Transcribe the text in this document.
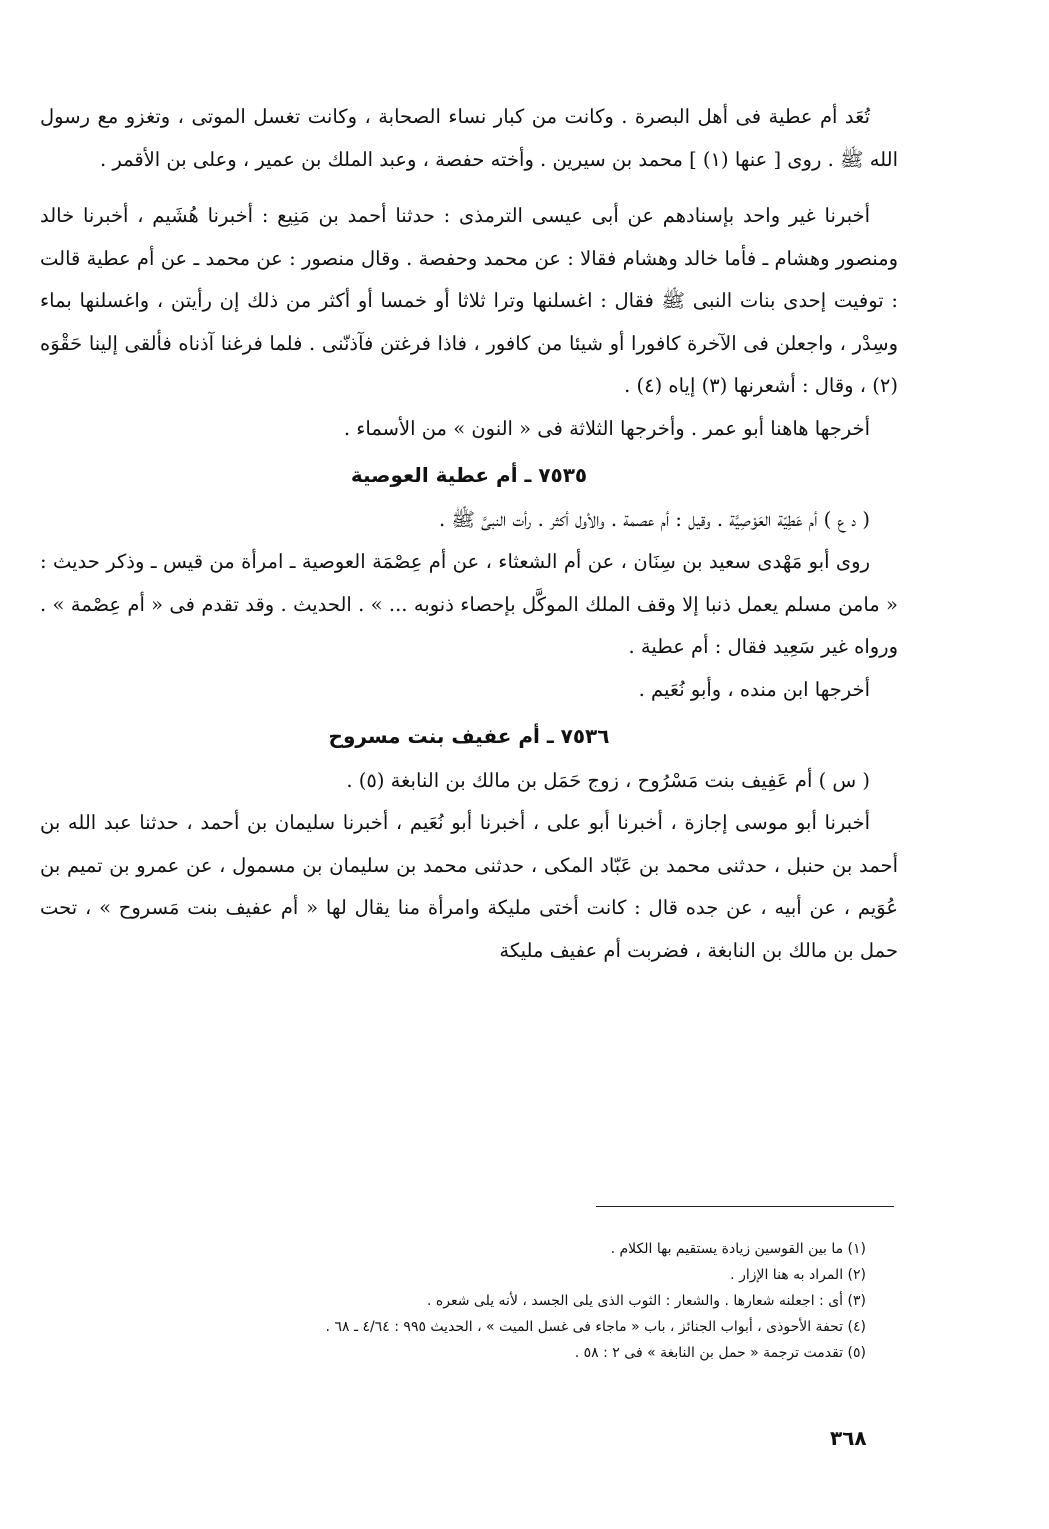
تُعَد أم عطية فى أهل البصرة . وكانت من كبار نساء الصحابة ، وكانت تغسل الموتى ، وتغزو مع رسول الله ﷺ . روى [ عنها (١) ] محمد بن سيرين . وأخته حفصة ، وعبد الملك بن عمير ، وعلى بن الأقمر .

أخبرنا غير واحد بإسنادهم عن أبى عيسى الترمذى : حدثنا أحمد بن مَنِيع : أخبرنا هُشَيم ، أخبرنا خالد ومنصور وهشام ـ فأما خالد وهشام فقالا : عن محمد وحفصة . وقال منصور : عن محمد ـ عن أم عطية قالت : توفيت إحدى بنات النبى ﷺ فقال : اغسلنها وترا ثلاثا أو خمسا أو أكثر من ذلك إن رأيتن ، واغسلنها بماء وسِدْر ، واجعلن فى الآخرة كافورا أو شيئا من كافور ، فاذا فرغتن فآذنّنى . فلما فرغنا آذناه فألقى إلينا حَقْوَه (٢) ، وقال : أشعرنها (٣) إياه (٤) .

أخرجها هاهنا أبو عمر . وأخرجها الثلاثة فى « النون » من الأسماء .

٧٥٣٥ ـ أم عطية العوصية

( د ع ) أم عَطِيّة العَوْصِيَّة . وقيل : أم عصمة . والأول أكثر . رأت النبىَّ ﷺ .

روى أبو مَهْدى سعيد بن سِنَان ، عن أم الشعثاء ، عن أم عِصْمَة العوصية ـ امرأة من قيس ـ وذكر حديث : « مامن مسلم يعمل ذنبا إلا وقف الملك الموكَّل بإحصاء ذنوبه ... » . الحديث . وقد تقدم فى « أم عِصْمة » . ورواه غير سَعِيد فقال : أم عطية .

أخرجها ابن منده ، وأبو نُعَيم .

٧٥٣٦ ـ أم عفيف بنت مسروح

( س ) أم عَفِيف بنت مَسْرُوح ، زوج حَمَل بن مالك بن النابغة (٥) .

أخبرنا أبو موسى إجازة ، أخبرنا أبو على ، أخبرنا أبو نُعَيم ، أخبرنا سليمان بن أحمد ، حدثنا عبد الله بن أحمد بن حنبل ، حدثنى محمد بن عَبّاد المكى ، حدثنى محمد بن سليمان بن مسمول ، عن عمرو بن تميم بن عُوَيم ، عن أبيه ، عن جده قال : كانت أختى مليكة وامرأة منا يقال لها « أم عفيف بنت مَسروح » ، تحت حمل بن مالك بن النابغة ، فضربت أم عفيف مليكة

(١) ما بين القوسين زيادة يستقيم بها الكلام .

(٢) المراد به هنا الإزار .

(٣) أى : اجعلنه شعارها . والشعار : الثوب الذى يلى الجسد ، لأنه يلى شعره .

(٤) تحفة الأحوذى ، أبواب الجنائز ، باب « ماجاء فى غسل الميت » ، الحديث ٩٩٥ : ٤/٦٤ ـ ٦٨ .

(٥) تقدمت ترجمة « حمل بن النابغة » فى ٢ : ٥٨ .

٣٦٨
